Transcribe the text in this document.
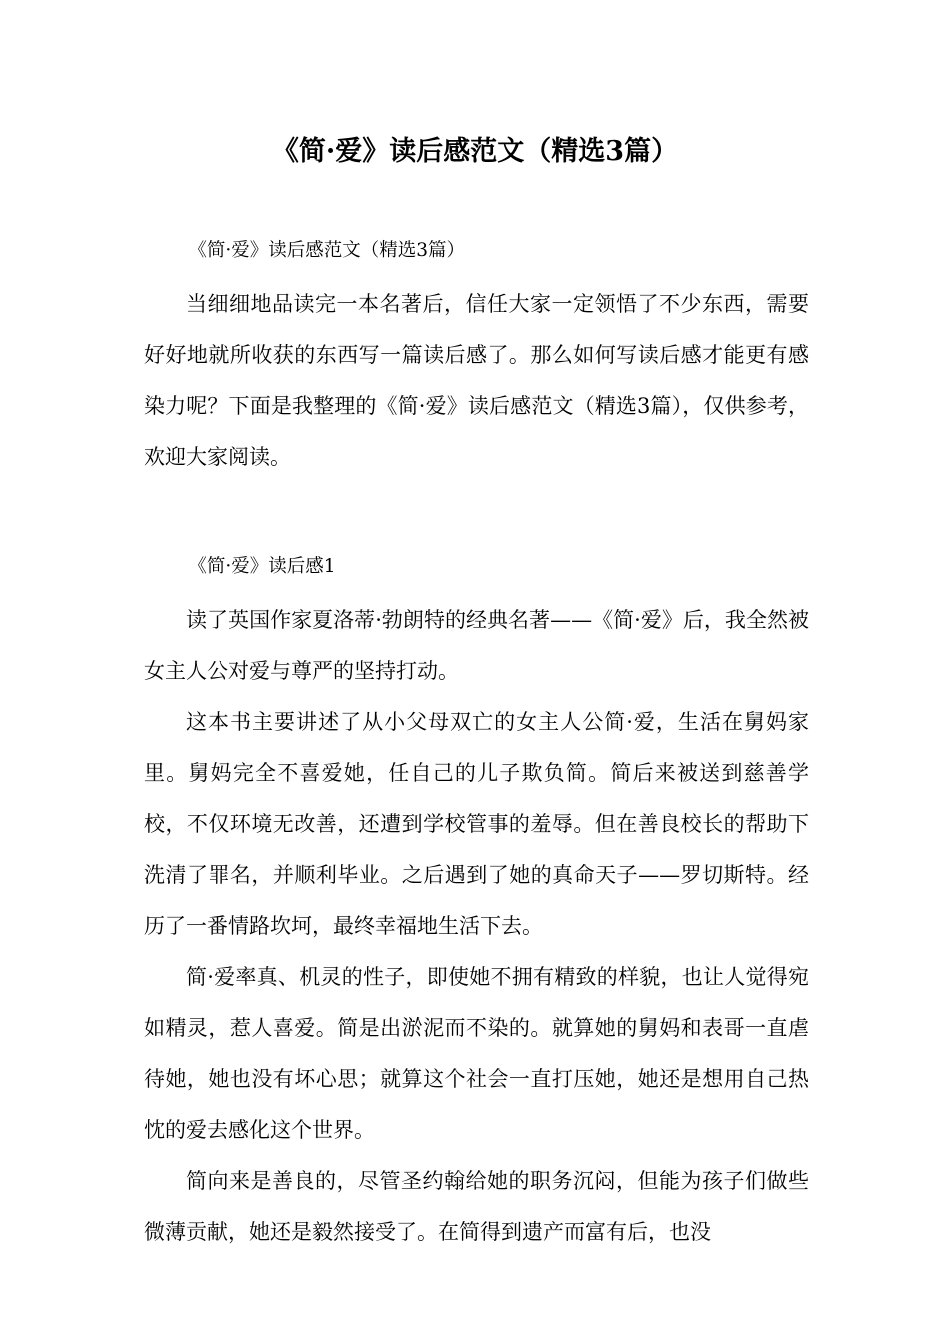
《简·爱》读后感范文（精选3篇）

《简·爱》读后感范文（精选3篇）

当细细地品读完一本名著后，信任大家一定领悟了不少东西，需要好好地就所收获的东西写一篇读后感了。那么如何写读后感才能更有感染力呢？下面是我整理的《简·爱》读后感范文（精选3篇），仅供参考，欢迎大家阅读。

《简·爱》读后感1

读了英国作家夏洛蒂·勃朗特的经典名著——《简·爱》后，我全然被女主人公对爱与尊严的坚持打动。

这本书主要讲述了从小父母双亡的女主人公简·爱，生活在舅妈家里。舅妈完全不喜爱她，任自己的儿子欺负简。简后来被送到慈善学校，不仅环境无改善，还遭到学校管事的羞辱。但在善良校长的帮助下洗清了罪名，并顺利毕业。之后遇到了她的真命天子——罗切斯特。经历了一番情路坎坷，最终幸福地生活下去。

简·爱率真、机灵的性子，即使她不拥有精致的样貌，也让人觉得宛如精灵，惹人喜爱。简是出淤泥而不染的。就算她的舅妈和表哥一直虐待她，她也没有坏心思；就算这个社会一直打压她，她还是想用自己热忱的爱去感化这个世界。

简向来是善良的，尽管圣约翰给她的职务沉闷，但能为孩子们做些微薄贡献，她还是毅然接受了。在简得到遗产而富有后，也没
